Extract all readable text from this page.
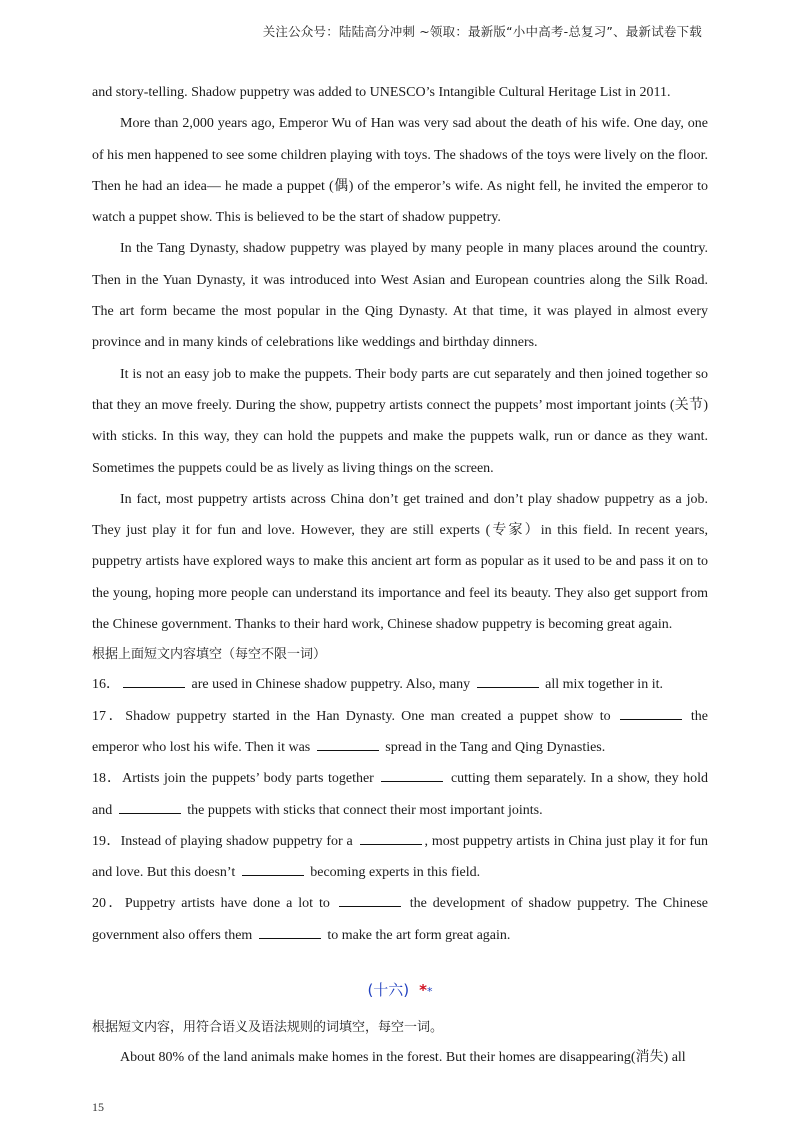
关注公众号：陆陆高分冲刺 ~领取：最新版“小中高考-总复习”、最新试卷下载

and story-telling. Shadow puppetry was added to UNESCO’s Intangible Cultural Heritage List in 2011.

More than 2,000 years ago, Emperor Wu of Han was very sad about the death of his wife. One day, one of his men happened to see some children playing with toys. The shadows of the toys were lively on the floor. Then he had an idea— he made a puppet (偶) of the emperor’s wife. As night fell, he invited the emperor to watch a puppet show. This is believed to be the start of shadow puppetry.

In the Tang Dynasty, shadow puppetry was played by many people in many places around the country. Then in the Yuan Dynasty, it was introduced into West Asian and European countries along the Silk Road. The art form became the most popular in the Qing Dynasty. At that time, it was played in almost every province and in many kinds of celebrations like weddings and birthday dinners.

It is not an easy job to make the puppets. Their body parts are cut separately and then joined together so that they an move freely. During the show, puppetry artists connect the puppets’ most important joints (关节) with sticks. In this way, they can hold the puppets and make the puppets walk, run or dance as they want. Sometimes the puppets could be as lively as living things on the screen.

In fact, most puppetry artists across China don’t get trained and don’t play shadow puppetry as a job. They just play it for fun and love. However, they are still experts (专家）in this field. In recent years, puppetry artists have explored ways to make this ancient art form as popular as it used to be and pass it on to the young, hoping more people can understand its importance and feel its beauty. They also get support from the Chinese government. Thanks to their hard work, Chinese shadow puppetry is becoming great again.

根据上面短文内容填空（每空不限一词）

16．	are used in Chinese shadow puppetry. Also, many	all mix together in it.

17．Shadow puppetry started in the Han Dynasty. One man created a puppet show to	the emperor who lost his wife. Then it was	spread in the Tang and Qing Dynasties.

18．Artists join the puppets’ body parts together	cutting them separately. In a show, they hold and	the puppets with sticks that connect their most important joints.

19．Instead of playing shadow puppetry for a	, most puppetry artists in China just play it for fun and love. But this doesn’t	becoming experts in this field.

20．Puppetry artists have done a lot to	the development of shadow puppetry. The Chinese government also offers them	to make the art form great again.

(十六) **

根据短文内容，用符合语义及语法规则的词填空，每空一词。

About 80% of the land animals make homes in the forest. But their homes are disappearing(消失) all

15
